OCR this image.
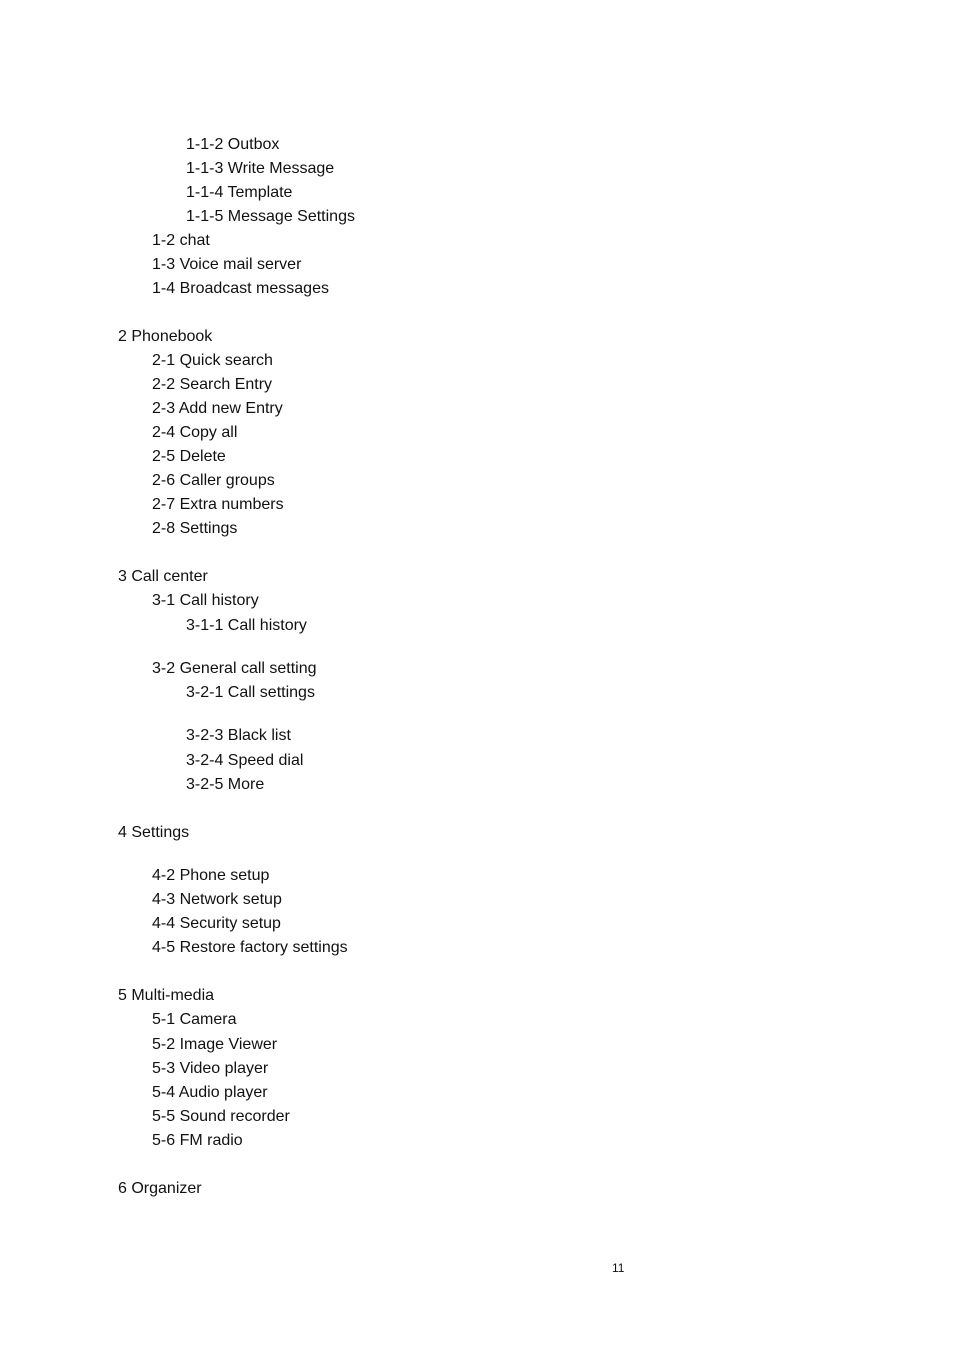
1-1-2 Outbox
1-1-3 Write Message
1-1-4 Template
1-1-5 Message Settings
1-2 chat
1-3 Voice mail server
1-4 Broadcast messages
2 Phonebook
2-1 Quick search
2-2 Search Entry
2-3 Add new Entry
2-4 Copy all
2-5 Delete
2-6 Caller groups
2-7 Extra numbers
2-8 Settings
3 Call center
3-1 Call history
3-1-1 Call history
3-2 General call setting
3-2-1 Call settings
3-2-3 Black list
3-2-4 Speed dial
3-2-5 More
4 Settings
4-2 Phone setup
4-3 Network setup
4-4 Security setup
4-5 Restore factory settings
5 Multi-media
5-1 Camera
5-2 Image Viewer
5-3 Video player
5-4 Audio player
5-5 Sound recorder
5-6 FM radio
6 Organizer
11
